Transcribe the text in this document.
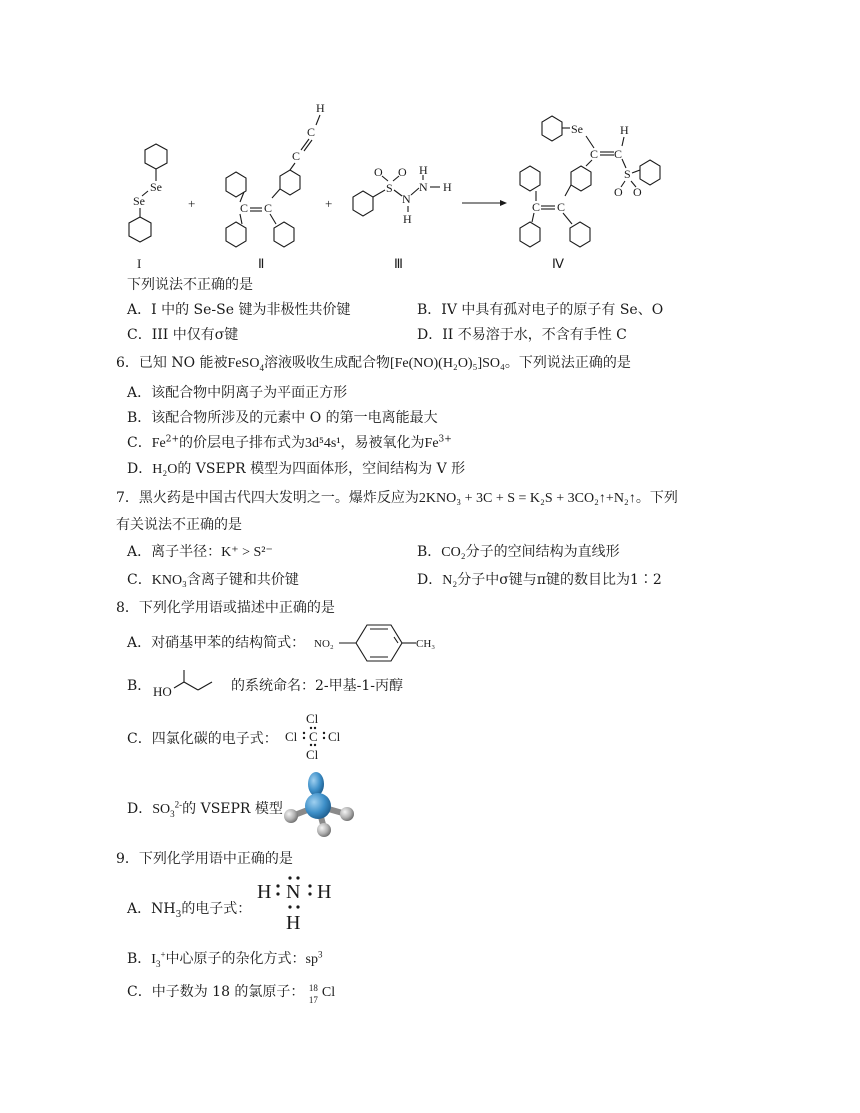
Se
Se
I
+
H
C
C
C
C
Ⅱ
+
S
O O
N
H
N
H
H
Ⅲ
Se
C C
H
S
O O
C
C
Ⅳ
下列说法不正确的是
A．I 中的 Se-Se 键为非极性共价键	B．IV 中具有孤对电子的原子有 Se、O
C．III 中仅有σ键	D．II 不易溶于水，不含有手性 C
6．已知 NO 能被FeSO$_4$溶液吸收生成配合物[Fe(NO)(H₂O)₅]SO₄。下列说法正确的是
A．该配合物中阴离子为平面正方形
B．该配合物所涉及的元素中 O 的第一电离能最大
C．$Fe^{2+}$的价层电子排布式为3d⁵4s¹，易被氧化为$Fe^{3+}$
D．H₂O的 VSEPR 模型为四面体形，空间结构为 V 形
7．黑火药是中国古代四大发明之一。爆炸反应为2KNO₃ + 3C + S = K₂S + 3CO₂↑+N₂↑。下列
有关说法不正确的是
A．离子半径：K⁺ > S²⁻	B．CO₂分子的空间结构为直线形
C．KNO₃含离子键和共价键	D．N₂分子中σ键与π键的数目比为1∶2
8．下列化学用语或描述中正确的是
A．对硝基甲苯的结构简式： NO₂	CH₃
B． HO	的系统命名：2-甲基-1-丙醇
C．四氯化碳的电子式：
Cl
Cl C Cl
Cl
D．$SO_3^{2-}$的 VSEPR 模型
9．下列化学用语中正确的是
A．$NH_3$的电子式：
H N H
H
B．$I_3^+$中心原子的杂化方式：$sp^3$
C．中子数为 18 的氯原子： 18
17 Cl
